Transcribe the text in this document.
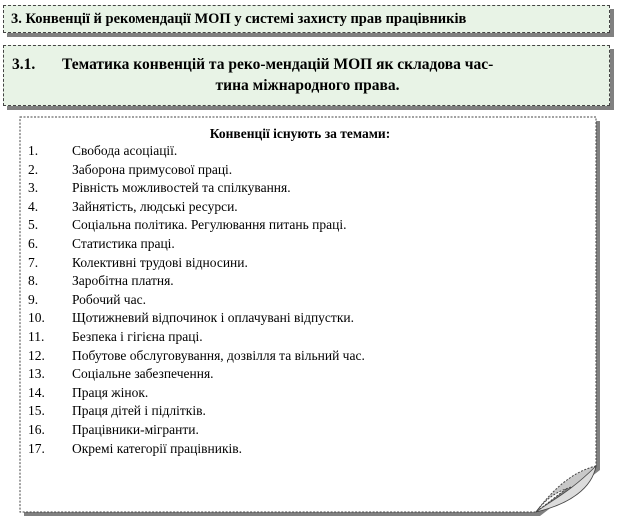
3. Конвенції й рекомендації МОП у системі захисту прав працівників
3.1. Тематика конвенцій та реко-мендацій МОП як складова час-
тина міжнародного права.
Конвенції існують за темами:
1.	Свобода асоціації.
2.	Заборона примусової праці.
3.	Рівність можливостей та спілкування.
4.	Зайнятість, людські ресурси.
5.	Соціальна політика. Регулювання питань праці.
6.	Статистика праці.
7.	Колективні трудові відносини.
8.	Заробітна платня.
9.	Робочий час.
10. Щотижневий відпочинок і оплачувані відпустки.
11. Безпека і гігієна праці.
12. Побутове обслуговування, дозвілля та вільний час.
13. Соціальне забезпечення.
14. Праця жінок.
15. Праця дітей і підлітків.
16. Працівники-мігранти.
17. Окремі категорії працівників.
